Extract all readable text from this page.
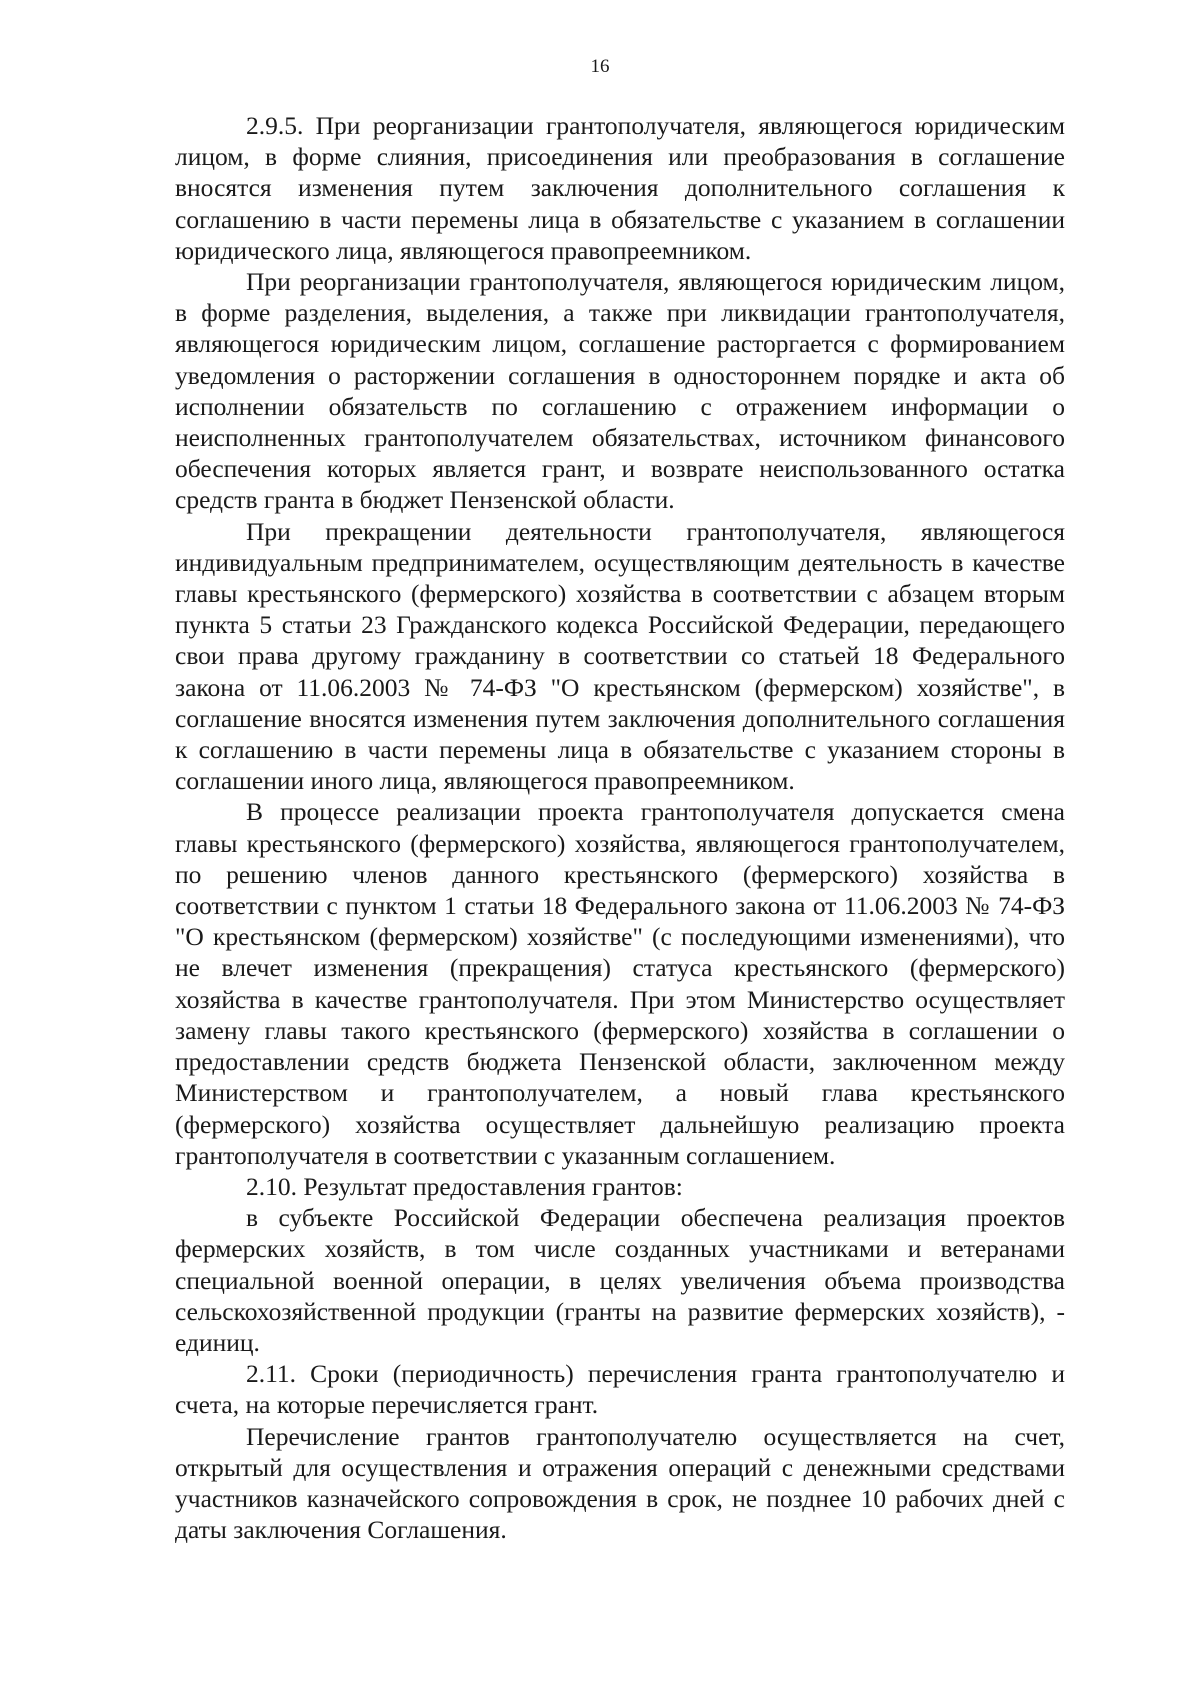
16

2.9.5. При реорганизации грантополучателя, являющегося юридическим лицом, в форме слияния, присоединения или преобразования в соглашение вносятся изменения путем заключения дополнительного соглашения к соглашению в части перемены лица в обязательстве с указанием в соглашении юридического лица, являющегося правопреемником.

При реорганизации грантополучателя, являющегося юридическим лицом, в форме разделения, выделения, а также при ликвидации грантополучателя, являющегося юридическим лицом, соглашение расторгается с формированием уведомления о расторжении соглашения в одностороннем порядке и акта об исполнении обязательств по соглашению с отражением информации о неисполненных грантополучателем обязательствах, источником финансового обеспечения которых является грант, и возврате неиспользованного остатка средств гранта в бюджет Пензенской области.

При прекращении деятельности грантополучателя, являющегося индивидуальным предпринимателем, осуществляющим деятельность в качестве главы крестьянского (фермерского) хозяйства в соответствии с абзацем вторым пункта 5 статьи 23 Гражданского кодекса Российской Федерации, передающего свои права другому гражданину в соответствии со статьей 18 Федерального закона от 11.06.2003 № 74-ФЗ "О крестьянском (фермерском) хозяйстве", в соглашение вносятся изменения путем заключения дополнительного соглашения к соглашению в части перемены лица в обязательстве с указанием стороны в соглашении иного лица, являющегося правопреемником.

В процессе реализации проекта грантополучателя допускается смена главы крестьянского (фермерского) хозяйства, являющегося грантополучателем, по решению членов данного крестьянского (фермерского) хозяйства в соответствии с пунктом 1 статьи 18 Федерального закона от 11.06.2003 № 74-ФЗ "О крестьянском (фермерском) хозяйстве" (с последующими изменениями), что не влечет изменения (прекращения) статуса крестьянского (фермерского) хозяйства в качестве грантополучателя. При этом Министерство осуществляет замену главы такого крестьянского (фермерского) хозяйства в соглашении о предоставлении средств бюджета Пензенской области, заключенном между Министерством и грантополучателем, а новый глава крестьянского (фермерского) хозяйства осуществляет дальнейшую реализацию проекта грантополучателя в соответствии с указанным соглашением.

2.10. Результат предоставления грантов:

в субъекте Российской Федерации обеспечена реализация проектов фермерских хозяйств, в том числе созданных участниками и ветеранами специальной военной операции, в целях увеличения объема производства сельскохозяйственной продукции (гранты на развитие фермерских хозяйств), - единиц.

2.11. Сроки (периодичность) перечисления гранта грантополучателю и счета, на которые перечисляется грант.

Перечисление грантов грантополучателю осуществляется на счет, открытый для осуществления и отражения операций с денежными средствами участников казначейского сопровождения в срок, не позднее 10 рабочих дней с даты заключения Соглашения.
